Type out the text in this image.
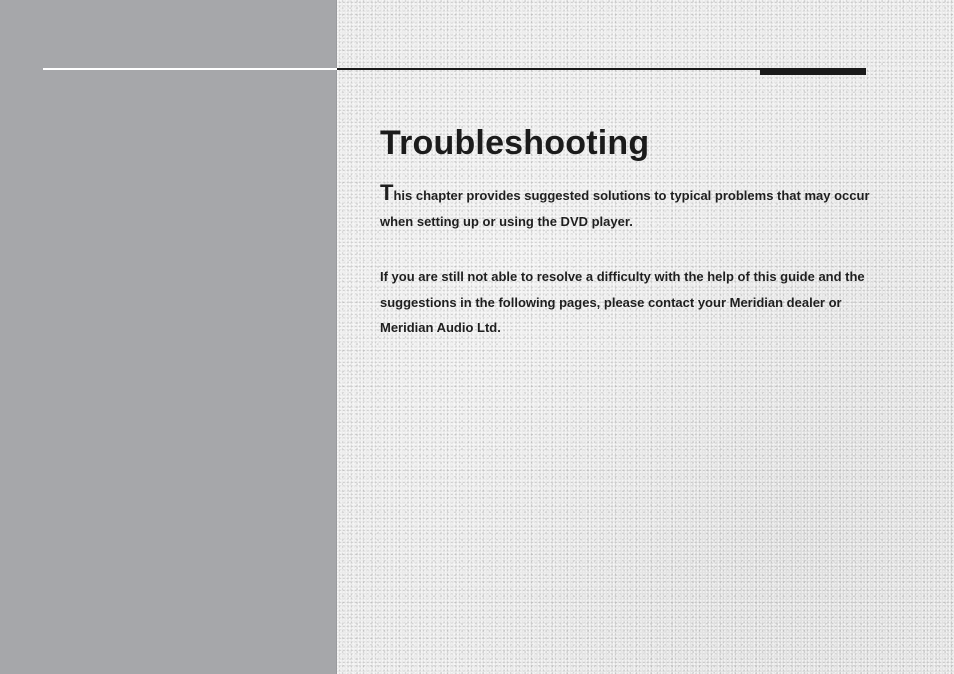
Troubleshooting

This chapter provides suggested solutions to typical problems that may occur when setting up or using the DVD player.

If you are still not able to resolve a difficulty with the help of this guide and the suggestions in the following pages, please contact your Meridian dealer or Meridian Audio Ltd.
